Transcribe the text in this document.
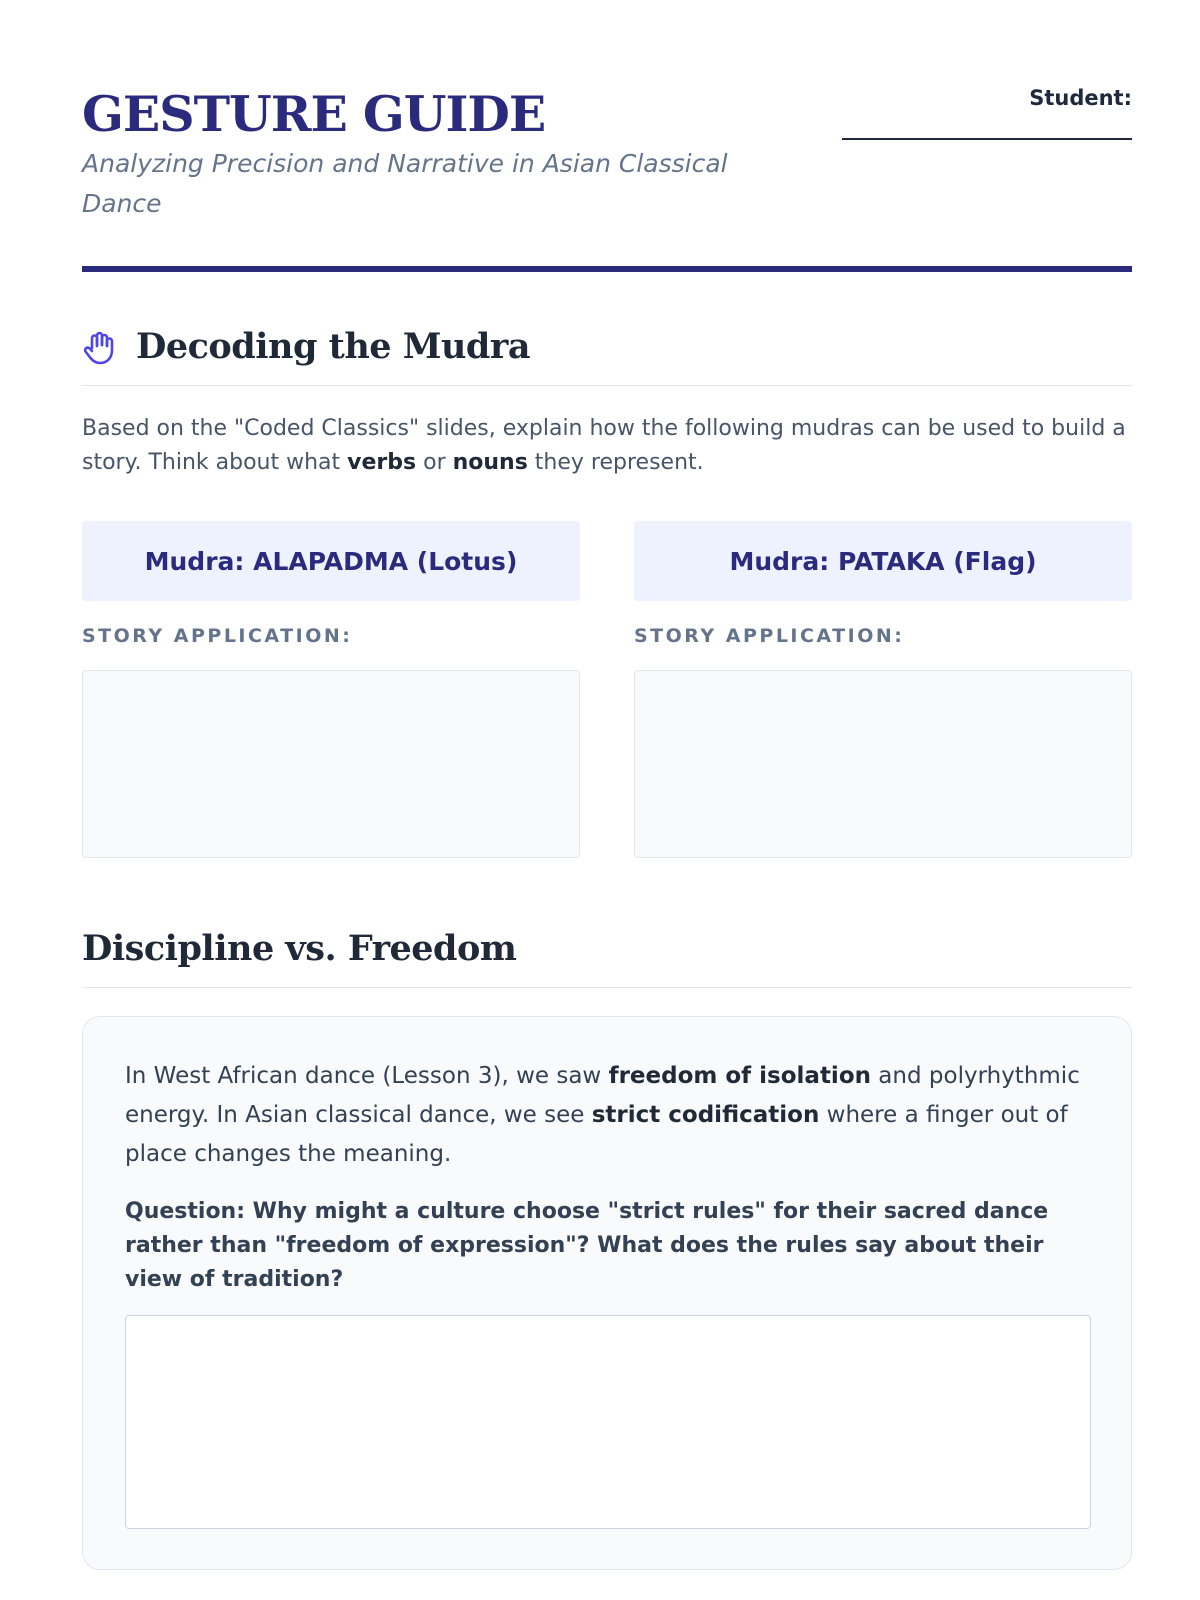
GESTURE GUIDE

Analyzing Precision and Narrative in Asian Classical Dance

Student:
Decoding the Mudra

Based on the "Coded Classics" slides, explain how the following mudras can be used to build a story. Think about what verbs or nouns they represent.

Mudra: ALAPADMA (Lotus)	Mudra: PATAKA (Flag)
STORY APPLICATION:	STORY APPLICATION:
Discipline vs. Freedom

In West African dance (Lesson 3), we saw freedom of isolation and polyrhythmic energy. In Asian classical dance, we see strict codification where a finger out of place changes the meaning.

Question: Why might a culture choose "strict rules" for their sacred dance rather than "freedom of expression"? What does the rules say about their view of tradition?
